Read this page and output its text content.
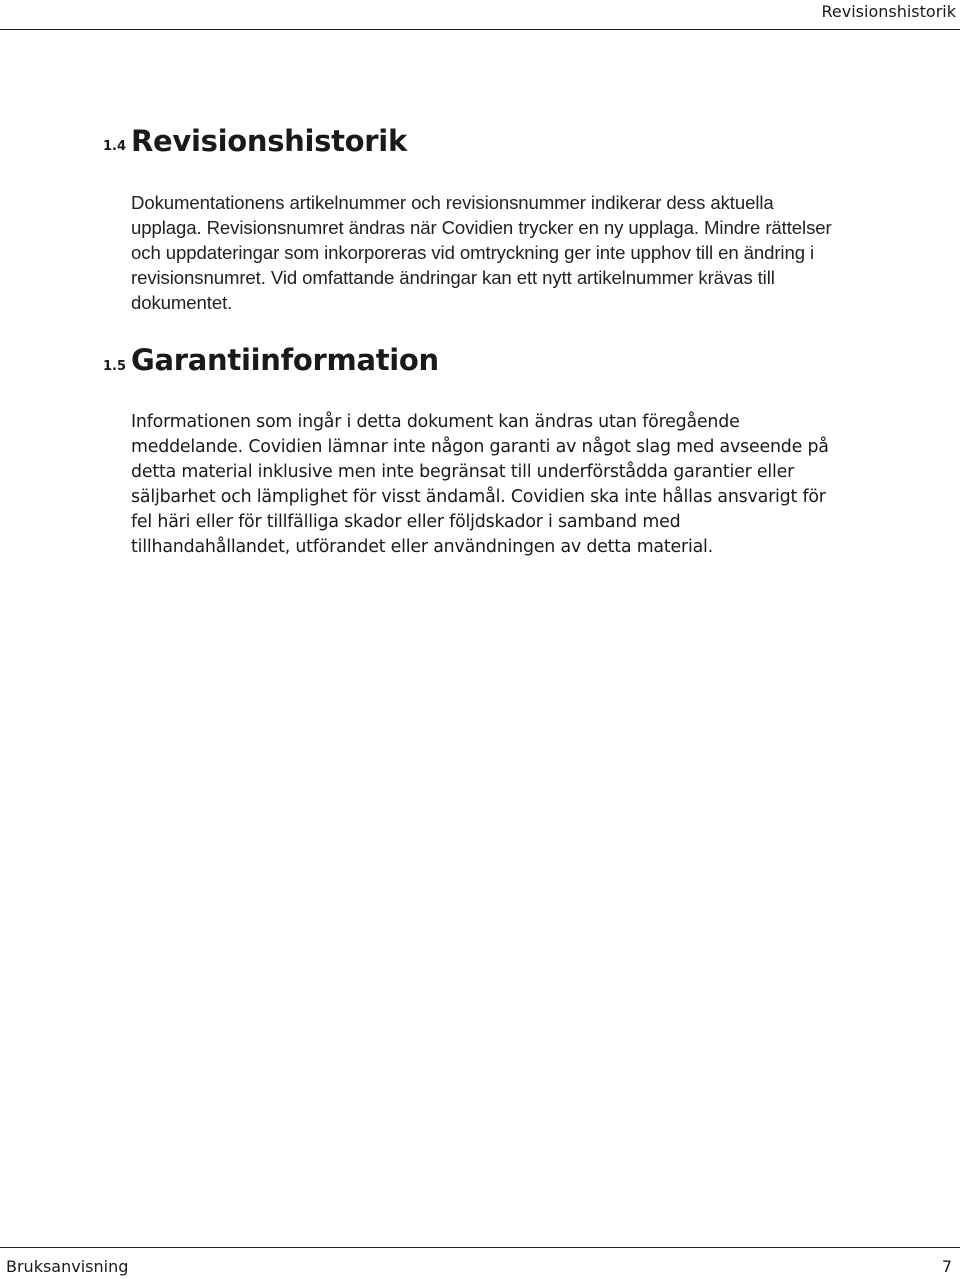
Revisionshistorik
1.4 Revisionshistorik
Dokumentationens artikelnummer och revisionsnummer indikerar dess aktuella upplaga. Revisionsnumret ändras när Covidien trycker en ny upplaga. Mindre rättelser och uppdateringar som inkorporeras vid omtryckning ger inte upphov till en ändring i revisionsnumret. Vid omfattande ändringar kan ett nytt artikelnummer krävas till dokumentet.
1.5 Garantiinformation
Informationen som ingår i detta dokument kan ändras utan föregående meddelande. Covidien lämnar inte någon garanti av något slag med avseende på detta material inklusive men inte begränsat till underförstådda garantier eller säljbarhet och lämplighet för visst ändamål. Covidien ska inte hållas ansvarigt för fel häri eller för tillfälliga skador eller följdskador i samband med tillhandahållandet, utförandet eller användningen av detta material.
Bruksanvisning	7
